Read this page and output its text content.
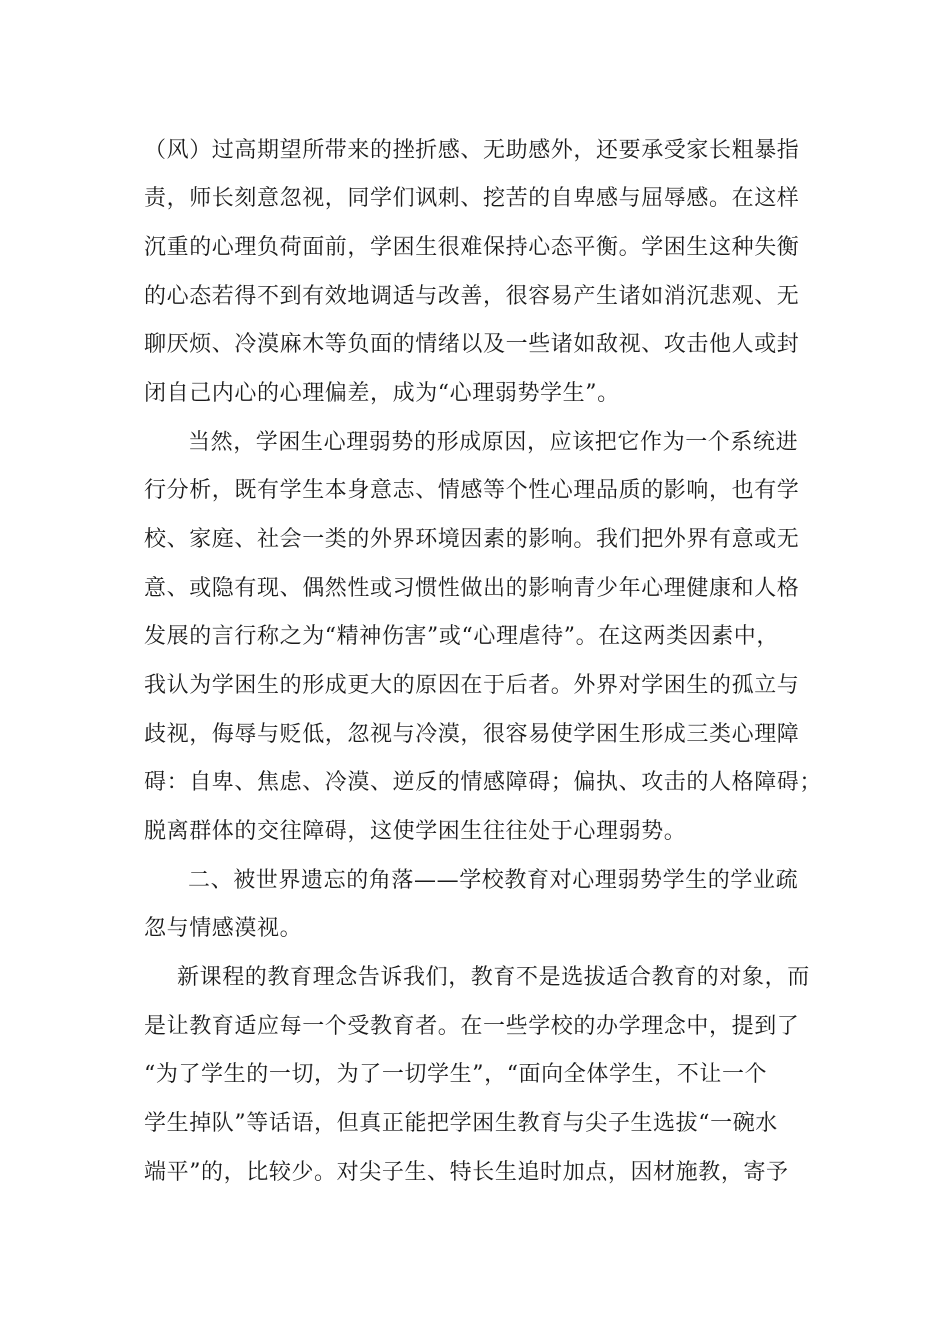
（风）过高期望所带来的挫折感、无助感外，还要承受家长粗暴指
责，师长刻意忽视，同学们讽刺、挖苦的自卑感与屈辱感。在这样
沉重的心理负荷面前，学困生很难保持心态平衡。学困生这种失衡
的心态若得不到有效地调适与改善，很容易产生诸如消沉悲观、无
聊厌烦、冷漠麻木等负面的情绪以及一些诸如敌视、攻击他人或封
闭自己内心的心理偏差，成为“心理弱势学生”。
当然，学困生心理弱势的形成原因，应该把它作为一个系统进
行分析，既有学生本身意志、情感等个性心理品质的影响，也有学
校、家庭、社会一类的外界环境因素的影响。我们把外界有意或无
意、或隐有现、偶然性或习惯性做出的影响青少年心理健康和人格
发展的言行称之为“精神伤害”或“心理虐待”。在这两类因素中，
我认为学困生的形成更大的原因在于后者。外界对学困生的孤立与
歧视，侮辱与贬低，忽视与冷漠，很容易使学困生形成三类心理障
碍：自卑、焦虑、冷漠、逆反的情感障碍；偏执、攻击的人格障碍；
脱离群体的交往障碍，这使学困生往往处于心理弱势。
二、被世界遗忘的角落——学校教育对心理弱势学生的学业疏
忽与情感漠视。
新课程的教育理念告诉我们，教育不是选拔适合教育的对象，而
是让教育适应每一个受教育者。在一些学校的办学理念中，提到了
“为了学生的一切，为了一切学生”，“面向全体学生，不让一个
学生掉队”等话语，但真正能把学困生教育与尖子生选拔“一碗水
端平”的，比较少。对尖子生、特长生追时加点，因材施教，寄予
